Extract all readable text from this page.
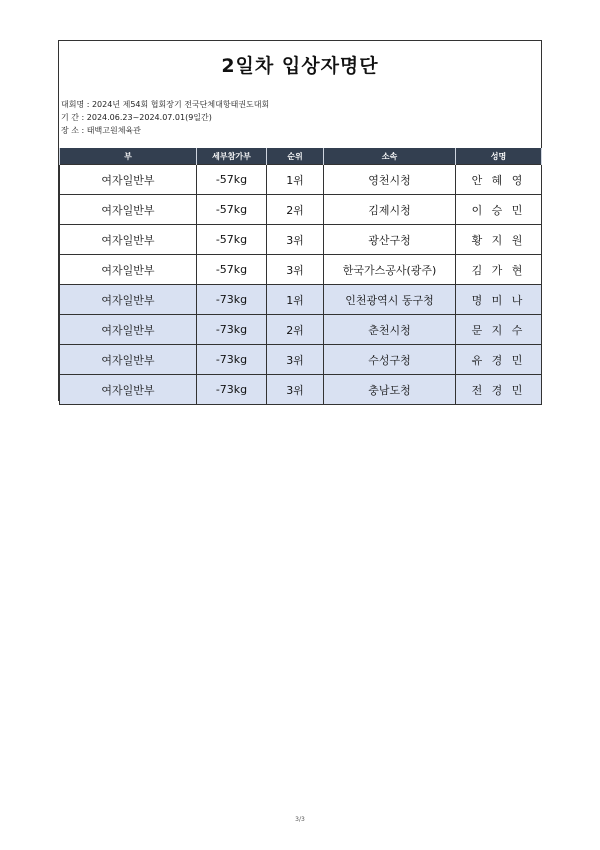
2일차 입상자명단
대회명 : 2024년 제54회 협회장기 전국단체대항태권도대회
기 간 : 2024.06.23~2024.07.01(9일간)
장 소 : 태백고원체육관
부	세부참가부	순위	소속	성명
여자일반부	-57kg	1위	영천시청	안 혜 영
여자일반부	-57kg	2위	김제시청	이 승 민
여자일반부	-57kg	3위	광산구청	황 지 원
여자일반부	-57kg	3위	한국가스공사(광주)	김 가 현
여자일반부	-73kg	1위	인천광역시 동구청	명 미 나
여자일반부	-73kg	2위	춘천시청	문 지 수
여자일반부	-73kg	3위	수성구청	유 경 민
여자일반부	-73kg	3위	충남도청	전 경 민
3/3
